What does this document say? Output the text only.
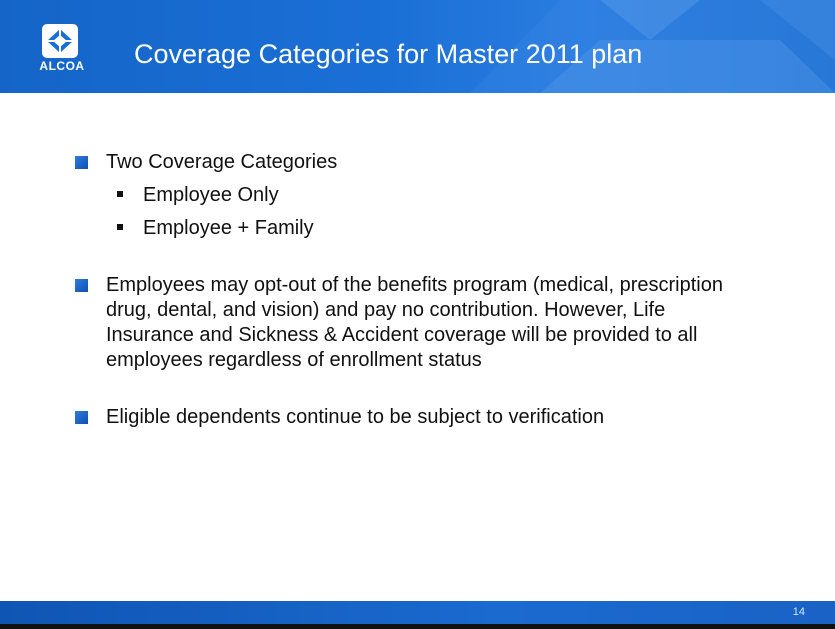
ALCOA	Coverage Categories for Master 2011 plan
Two Coverage Categories
Employee Only
Employee + Family
Employees may opt-out of the benefits program (medical, prescription
drug, dental, and vision) and pay no contribution. However, Life
Insurance and Sickness & Accident coverage will be provided to all
employees regardless of enrollment status
Eligible dependents continue to be subject to verification
14
